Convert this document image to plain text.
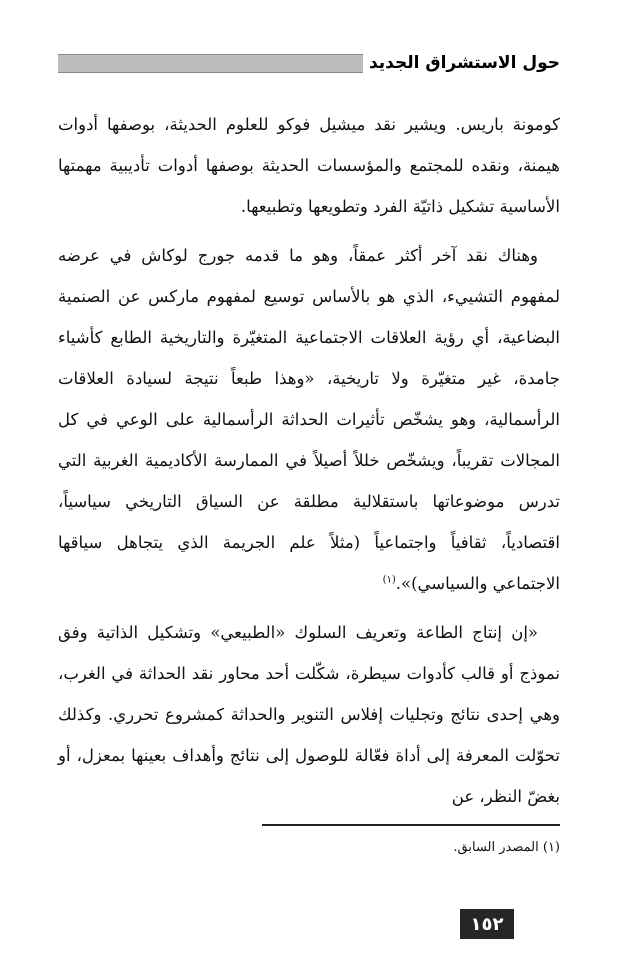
حول الاستشراق الجديد

كومونة باريس. ويشير نقد ميشيل فوكو للعلوم الحديثة، بوصفها أدوات هيمنة، ونقده للمجتمع والمؤسسات الحديثة بوصفها أدوات تأديبية مهمتها الأساسية تشكيل ذاتيّة الفرد وتطويعها وتطبيعها.

وهناك نقد آخر أكثر عمقاً، وهو ما قدمه جورج لوكاش في عرضه لمفهوم التشييء، الذي هو بالأساس توسيع لمفهوم ماركس عن الصنمية البضاعية، أي رؤية العلاقات الاجتماعية المتغيّرة والتاريخية الطابع كأشياء جامدة، غير متغيّرة ولا تاريخية، «وهذا طبعاً نتيجة لسيادة العلاقات الرأسمالية، وهو يشخّص تأثيرات الحداثة الرأسمالية على الوعي في كل المجالات تقريباً، ويشخّص خللاً أصيلاً في الممارسة الأكاديمية الغربية التي تدرس موضوعاتها باستقلالية مطلقة عن السياق التاريخي سياسياً، اقتصادياً، ثقافياً واجتماعياً (مثلاً علم الجريمة الذي يتجاهل سياقها الاجتماعي والسياسي)».$^{(١)}$

«إن إنتاج الطاعة وتعريف السلوك «الطبيعي» وتشكيل الذاتية وفق نموذج أو قالب كأدوات سيطرة، شكّلت أحد محاور نقد الحداثة في الغرب، وهي إحدى نتائج وتجليات إفلاس التنوير والحداثة كمشروع تحرري. وكذلك تحوّلت المعرفة إلى أداة فعّالة للوصول إلى نتائج وأهداف بعينها بمعزل، أو بغضّ النظر، عن

(١) المصدر السابق.
١٥٢
